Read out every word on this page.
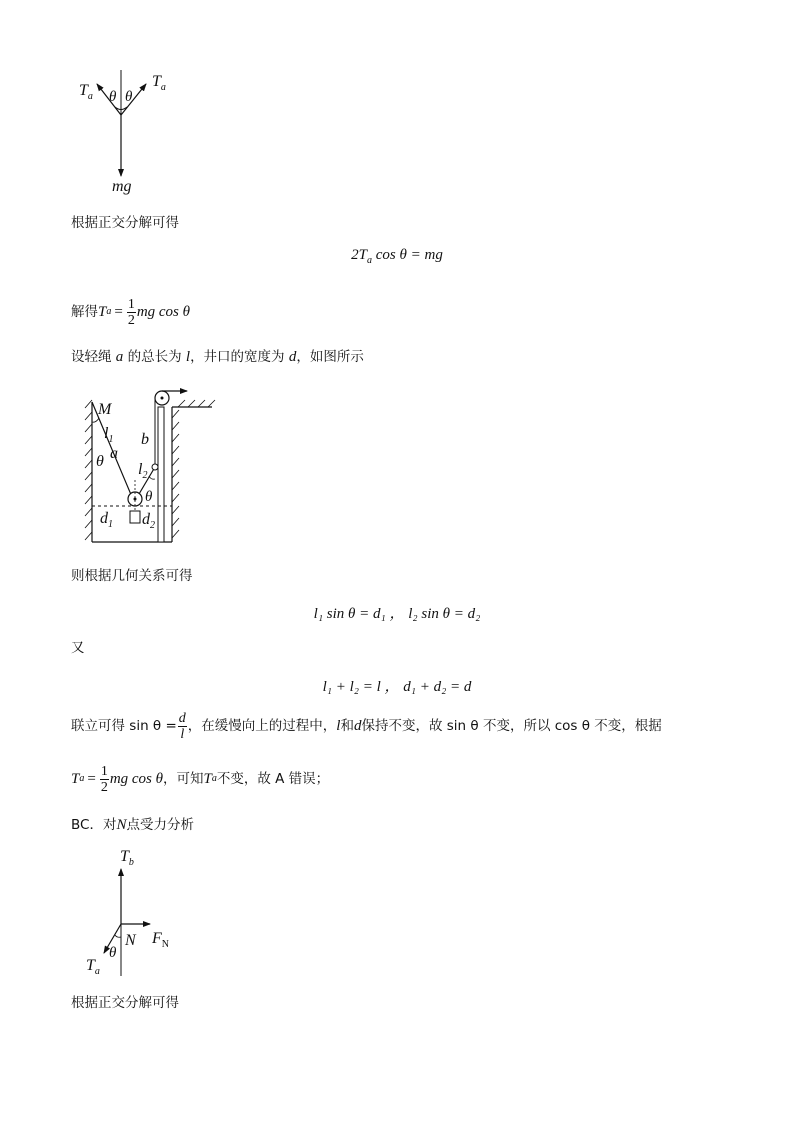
$T_a$
$T_a$
θ θ
mg
根据正交分解可得
$2T_a$ cos θ = mg
解得 T $a = \frac{1}{2}$ mg cos θ
设轻绳 a 的总长为 l，井口的宽度为 d，如图所示
M
$l_1$
a
θ
b
$l_2$
θ
$d_1$ $d_2$
则根据几何关系可得
l₁ sin θ = d₁ ， l₂ sin θ = d₂
又
l₁ + l₂ = l ， d₁ + d₂ = d
联立可得 $\sin \theta = \frac{d}{l}$ ，在缓慢向上的过程中， l 和 d 保持不变，故 sin θ 不变，所以 cos θ 不变，根据
T $a = \frac{1}{2}$ mg cos θ ，可知 T a 不变，故 A 错误；
BC．对N点受力分析
$T_b$
N $F_N$
θ
$T_a$
根据正交分解可得
